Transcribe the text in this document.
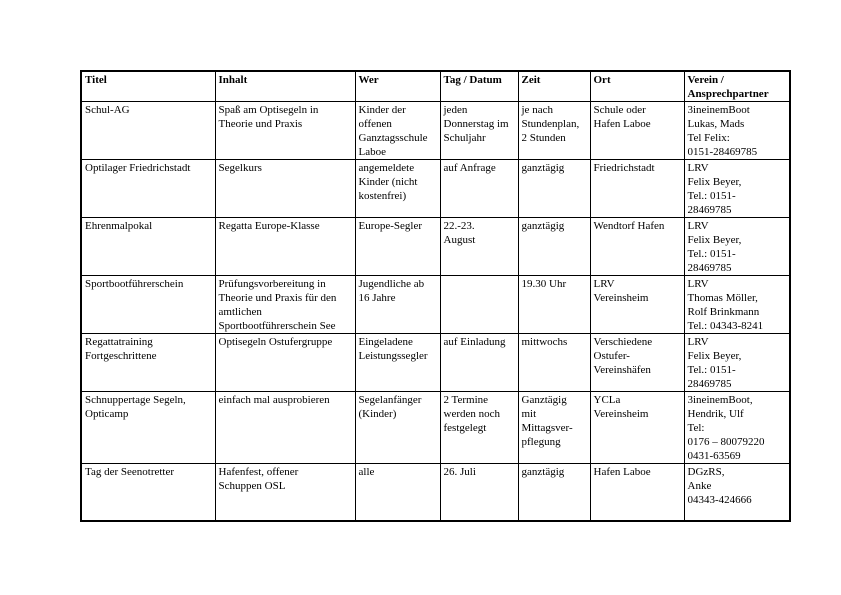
Titel	Inhalt	Wer	Tag / Datum	Zeit	Ort	Verein / Ansprechpartner

Schul-AG	Spaß am Optisegeln in
Theorie und Praxis	Kinder der
offenen
Ganztagsschule
Laboe	jeden
Donnerstag im
Schuljahr	je nach
Stundenplan,
2 Stunden	Schule oder
Hafen Laboe	3ineinemBoot
Lukas, Mads
Tel Felix:
0151-28469785

Optilager Friedrichstadt	Segelkurs	angemeldete
Kinder (nicht
kostenfrei)	auf Anfrage	ganztägig	Friedrichstadt	LRV
Felix Beyer,
Tel.: 0151-
28469785

Ehrenmalpokal	Regatta Europe-Klasse	Europe-Segler	22.-23.
August	ganztägig	Wendtorf Hafen	LRV
Felix Beyer,
Tel.: 0151-
28469785

Sportbootführerschein	Prüfungsvorbereitung in
Theorie und Praxis für den
amtlichen
Sportbootführerschein See	Jugendliche ab
16 Jahre		19.30 Uhr	LRV
Vereinsheim	LRV
Thomas Möller,
Rolf Brinkmann
Tel.: 04343-8241

Regattatraining
Fortgeschrittene	Optisegeln Ostufergruppe	Eingeladene
Leistungssegler	auf Einladung	mittwochs	Verschiedene
Ostufer-
Vereinshäfen	LRV
Felix Beyer,
Tel.: 0151-
28469785

Schnuppertage Segeln,
Opticamp	einfach mal ausprobieren	Segelanfänger
(Kinder)	2 Termine
werden noch
festgelegt	Ganztägig
mit
Mittagsver-
pflegung	YCLa
Vereinsheim	3ineinemBoot,
Hendrik, Ulf
Tel:
0176 – 80079220
0431-63569

Tag der Seenotretter	Hafenfest, offener
Schuppen OSL	alle	26. Juli	ganztägig	Hafen Laboe	DGzRS,
Anke
04343-424666
